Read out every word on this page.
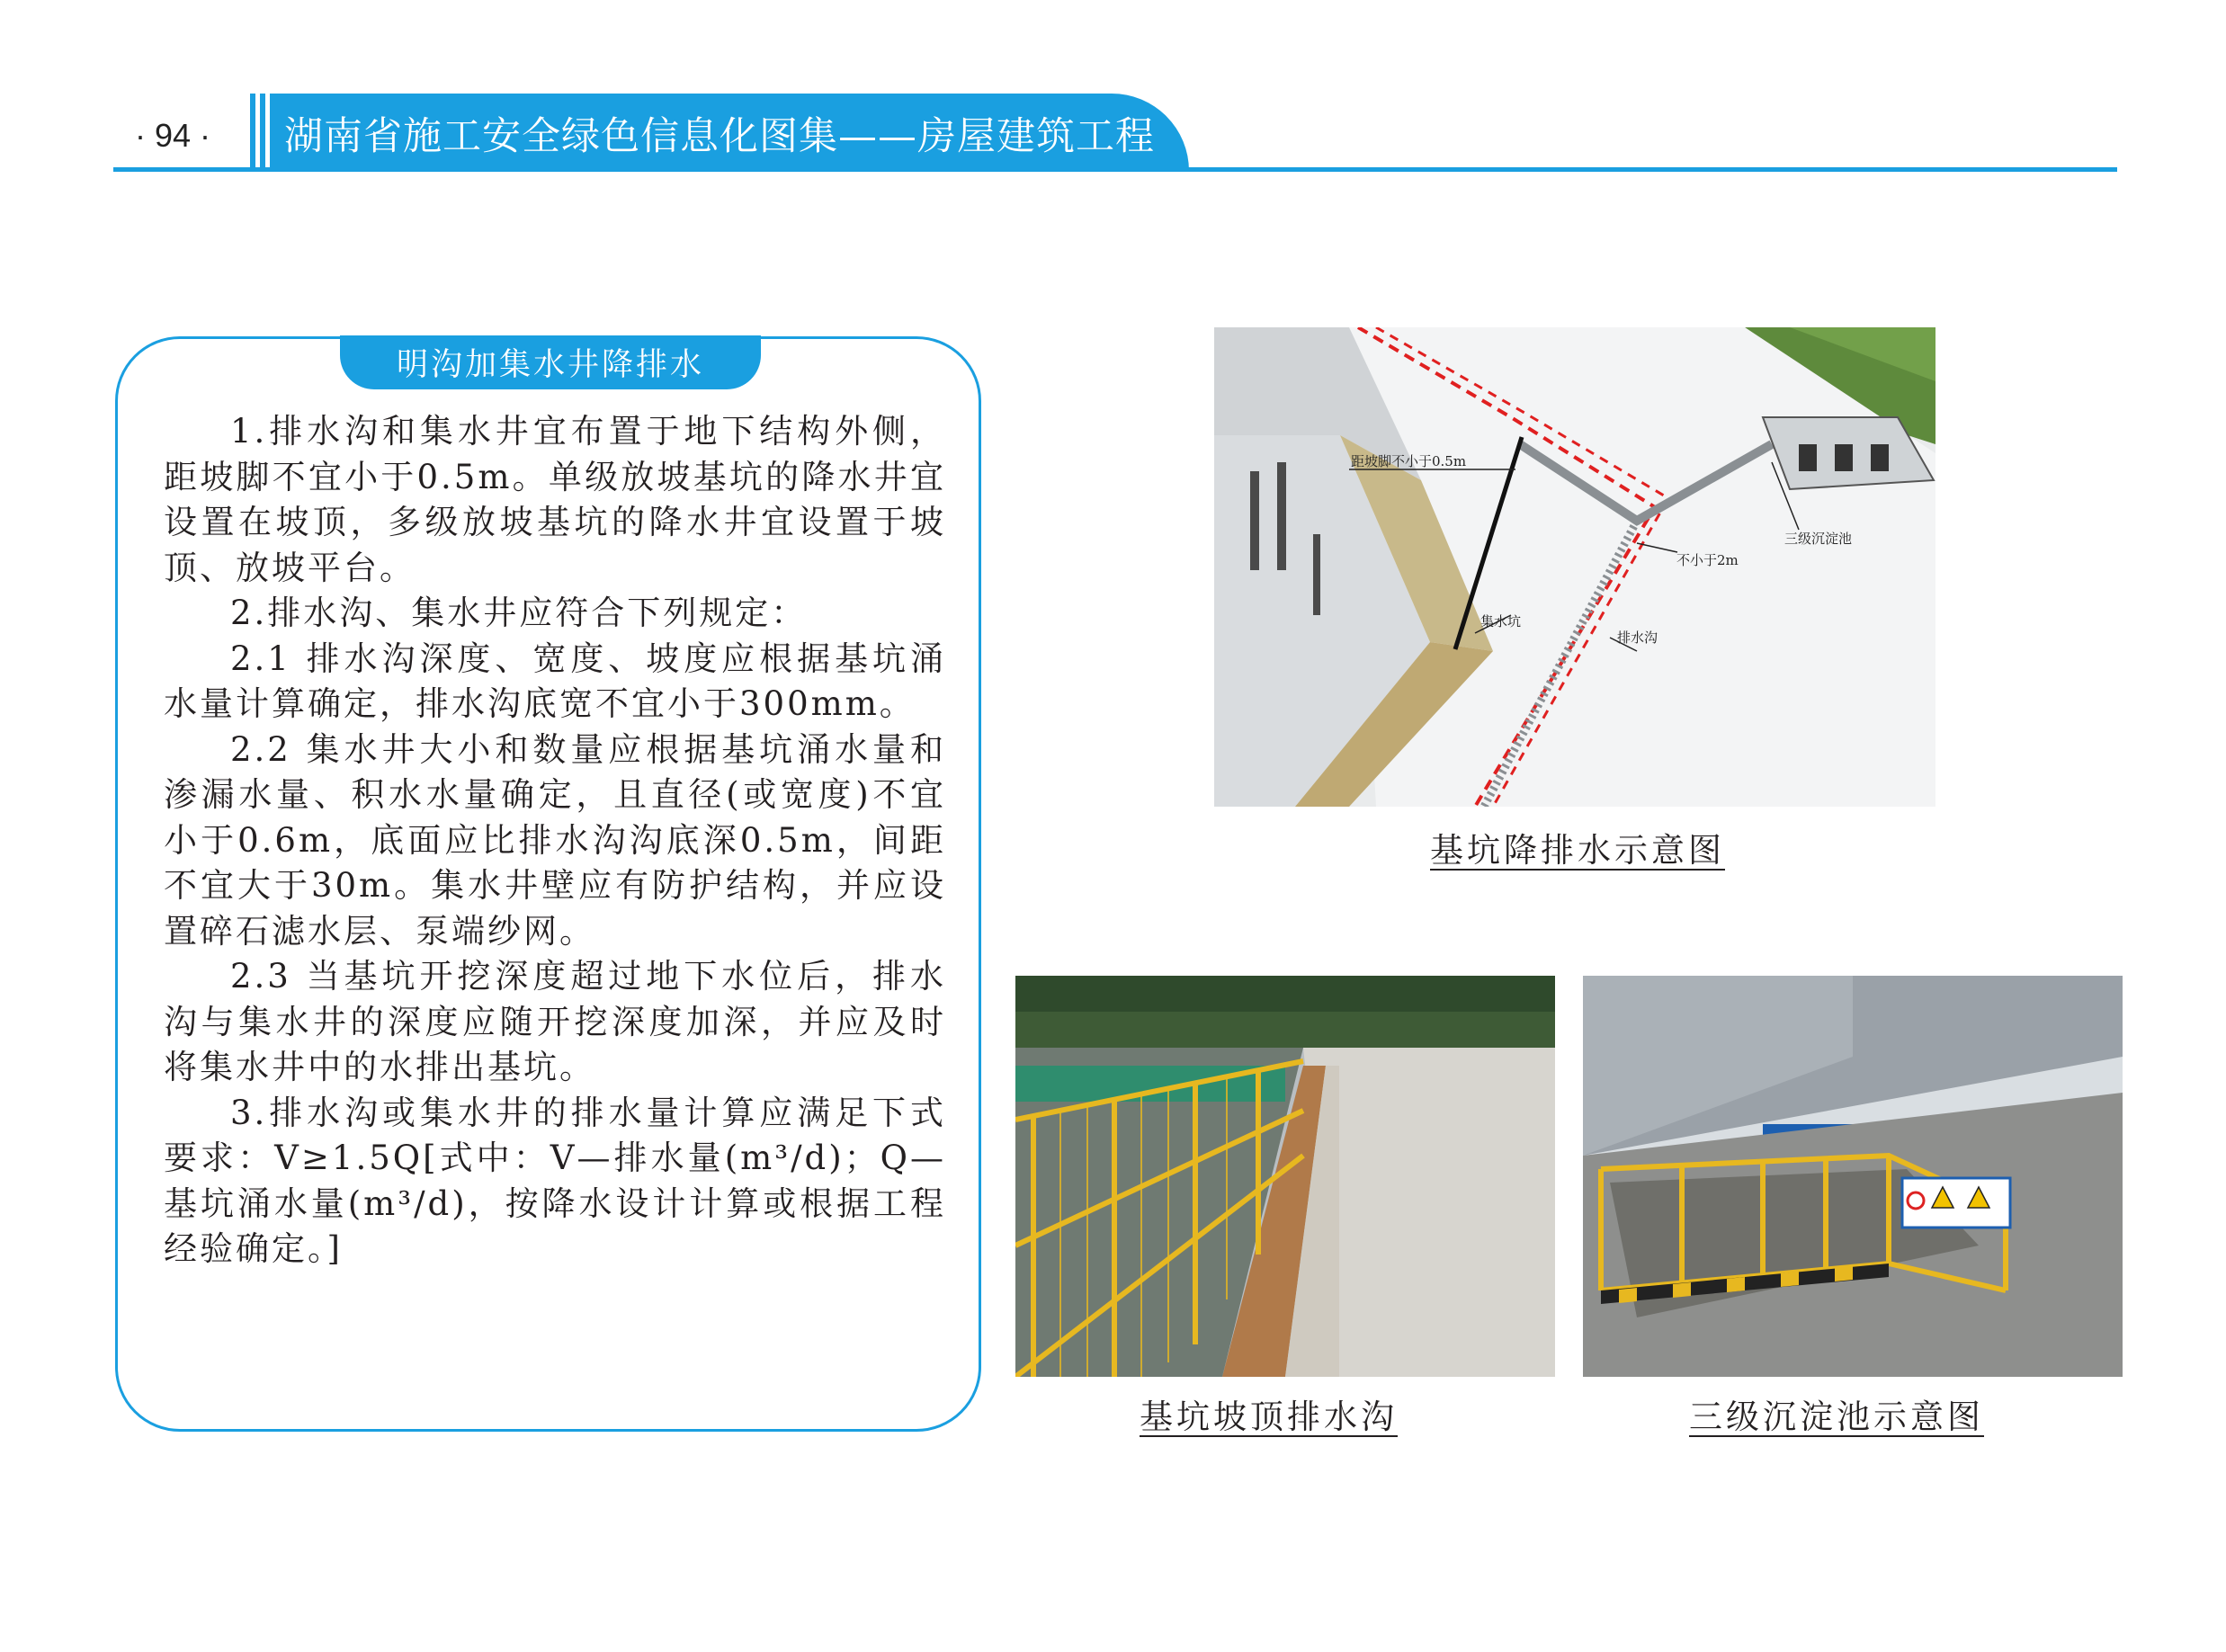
· 94 · 湖南省施工安全绿色信息化图集——房屋建筑工程
明沟加集水井降排水

1.排水沟和集水井宜布置于地下结构外侧，距坡脚不宜小于0.5m。单级放坡基坑的降水井宜设置在坡顶，多级放坡基坑的降水井宜设置于坡顶、放坡平台。

2.排水沟、集水井应符合下列规定：

2.1 排水沟深度、宽度、坡度应根据基坑涌水量计算确定，排水沟底宽不宜小于300mm。

2.2 集水井大小和数量应根据基坑涌水量和渗漏水量、积水水量确定，且直径(或宽度)不宜小于0.6m，底面应比排水沟沟底深0.5m，间距不宜大于30m。集水井壁应有防护结构，并应设置碎石滤水层、泵端纱网。

2.3 当基坑开挖深度超过地下水位后，排水沟与集水井的深度应随开挖深度加深，并应及时将集水井中的水排出基坑。

3.排水沟或集水井的排水量计算应满足下式要求：V≥1.5Q[式中：V—排水量(m³/d)；Q—基坑涌水量(m³/d)，按降水设计计算或根据工程经验确定。]

距坡脚不小于0.5m
集水坑
不小于2m
排水沟
三级沉淀池
基坑降排水示意图
基坑坡顶排水沟	三级沉淀池示意图
